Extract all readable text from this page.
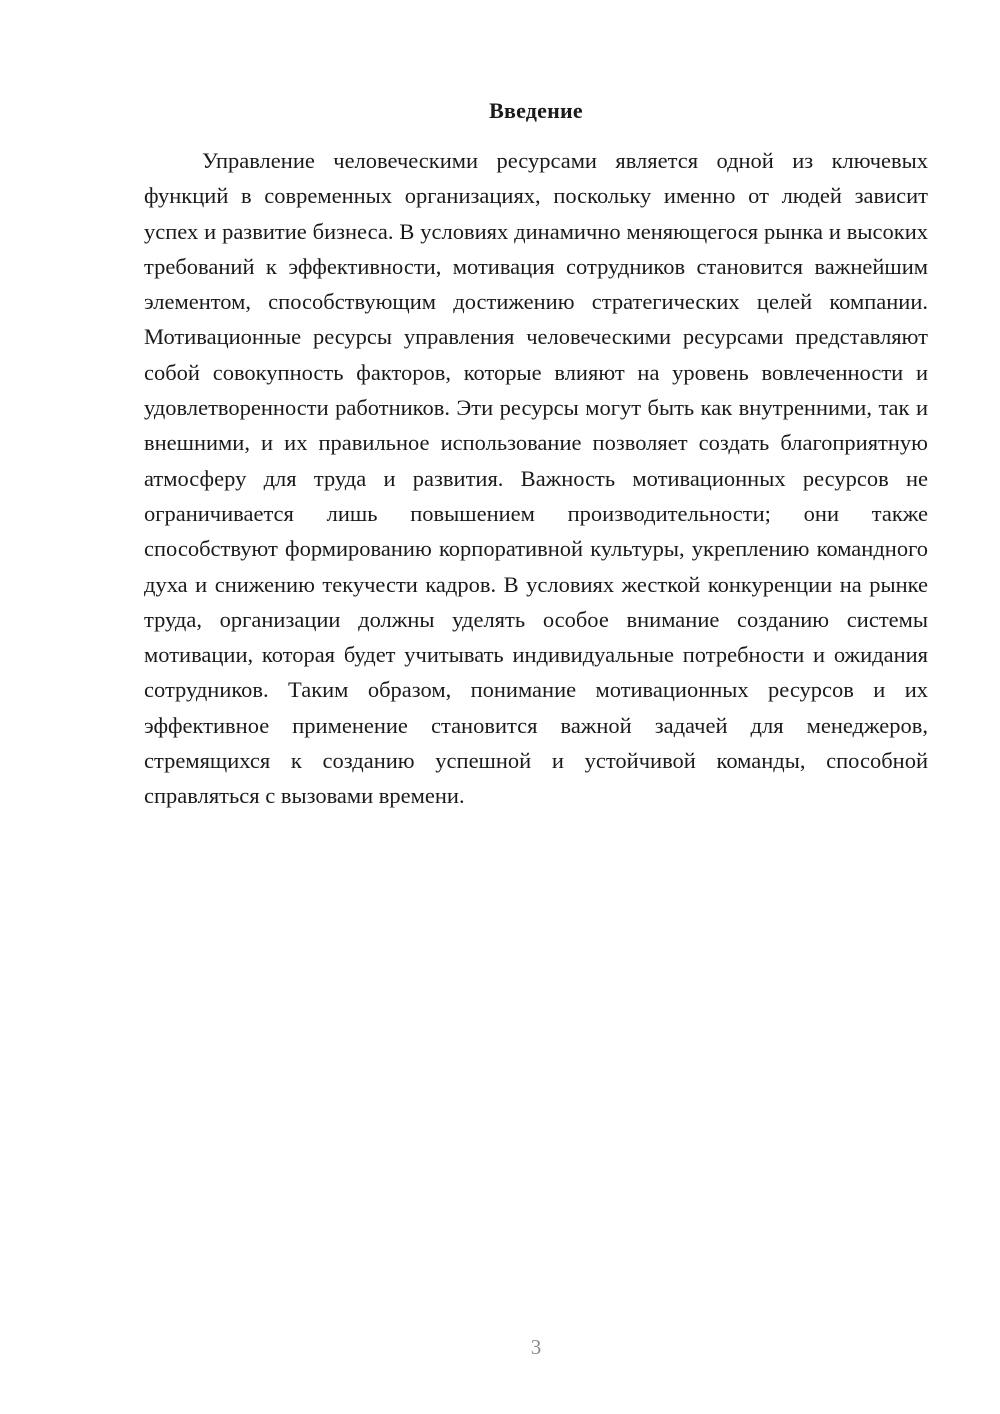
Введение

Управление человеческими ресурсами является одной из ключевых функций в современных организациях, поскольку именно от людей зависит успех и развитие бизнеса. В условиях динамично меняющегося рынка и высоких требований к эффективности, мотивация сотрудников становится важнейшим элементом, способствующим достижению стратегических целей компании. Мотивационные ресурсы управления человеческими ресурсами представляют собой совокупность факторов, которые влияют на уровень вовлеченности и удовлетворенности работников. Эти ресурсы могут быть как внутренними, так и внешними, и их правильное использование позволяет создать благоприятную атмосферу для труда и развития. Важность мотивационных ресурсов не ограничивается лишь повышением производительности; они также способствуют формированию корпоративной культуры, укреплению командного духа и снижению текучести кадров. В условиях жесткой конкуренции на рынке труда, организации должны уделять особое внимание созданию системы мотивации, которая будет учитывать индивидуальные потребности и ожидания сотрудников. Таким образом, понимание мотивационных ресурсов и их эффективное применение становится важной задачей для менеджеров, стремящихся к созданию успешной и устойчивой команды, способной справляться с вызовами времени.

3
